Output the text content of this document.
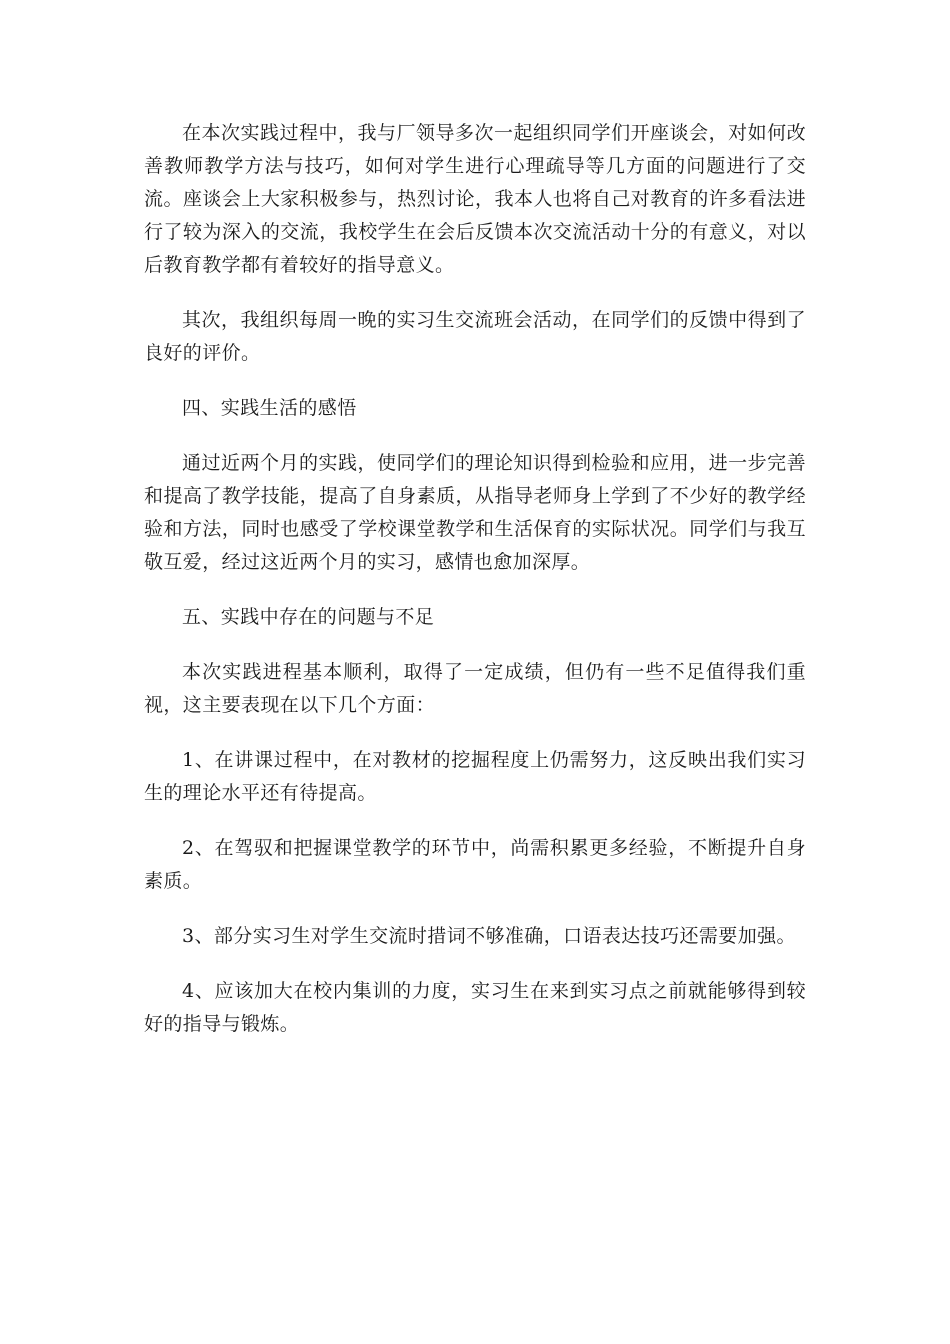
在本次实践过程中，我与厂领导多次一起组织同学们开座谈会，对如何改善教师教学方法与技巧，如何对学生进行心理疏导等几方面的问题进行了交流。座谈会上大家积极参与，热烈讨论，我本人也将自己对教育的许多看法进行了较为深入的交流，我校学生在会后反馈本次交流活动十分的有意义，对以后教育教学都有着较好的指导意义。

其次，我组织每周一晚的实习生交流班会活动，在同学们的反馈中得到了良好的评价。

四、实践生活的感悟

通过近两个月的实践，使同学们的理论知识得到检验和应用，进一步完善和提高了教学技能，提高了自身素质，从指导老师身上学到了不少好的教学经验和方法，同时也感受了学校课堂教学和生活保育的实际状况。同学们与我互敬互爱，经过这近两个月的实习，感情也愈加深厚。

五、实践中存在的问题与不足

本次实践进程基本顺利，取得了一定成绩，但仍有一些不足值得我们重视，这主要表现在以下几个方面：

1、在讲课过程中，在对教材的挖掘程度上仍需努力，这反映出我们实习生的理论水平还有待提高。

2、在驾驭和把握课堂教学的环节中，尚需积累更多经验，不断提升自身素质。

3、部分实习生对学生交流时措词不够准确，口语表达技巧还需要加强。

4、应该加大在校内集训的力度，实习生在来到实习点之前就能够得到较好的指导与锻炼。
